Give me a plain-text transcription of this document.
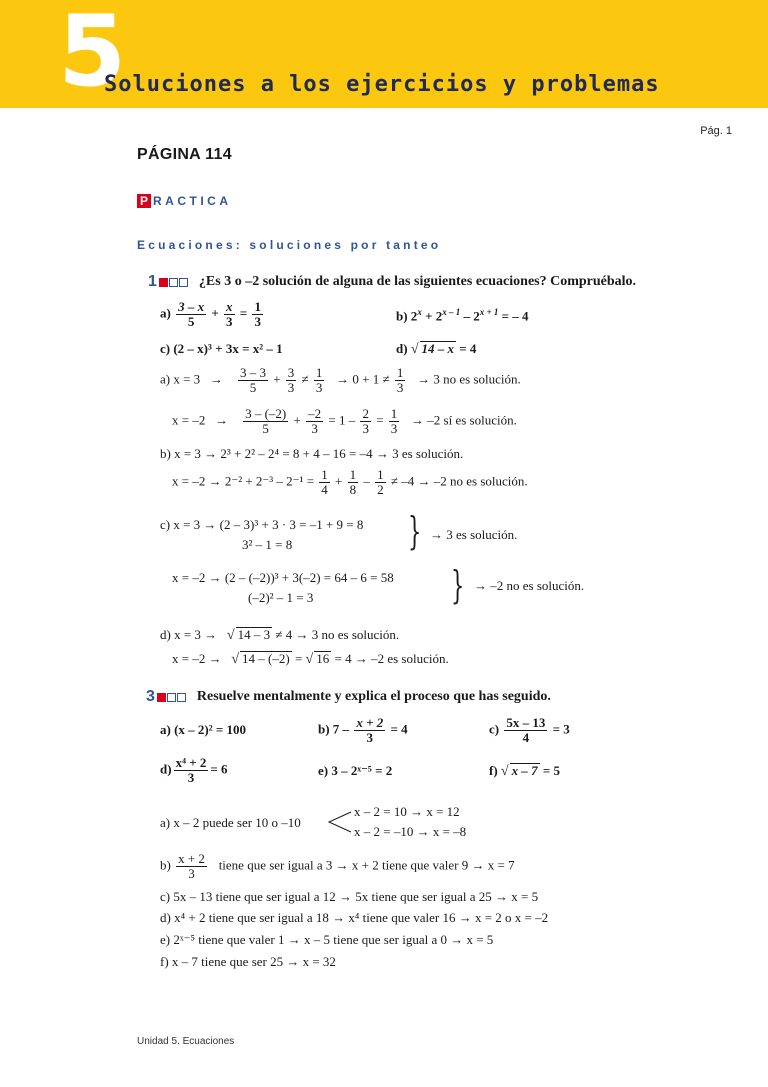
5
Soluciones a los ejercicios y problemas
Pág. 1
PÁGINA 114
P RACTICA
Ecuaciones: soluciones por tanteo
1	¿Es 3 o –2 solución de alguna de las siguientes ecuaciones? Compruébalo.
$a) \frac{3 - x}{5} + \frac{x}{3} = \frac{1}{3}$	b) $2^x + 2^{x - 1} - 2^{x + 1}$ = – 4
c) (2 – x)³ + 3x = x² – 1	d) √ 14 – x = 4
a) $x = 3 \to \frac{3 - 3}{5} + \frac{3}{3} \ne \frac{1}{3} \to 0 + 1 \ne \frac{1}{3} \to 3$ no es solución.
$x = -2 \to \frac{3 - (-2)}{5} + \frac{-2}{3} = 1 - \frac{2}{3} = \frac{1}{3} \to -2$ sí es solución.
b) x = 3 → 2³ + 2² – 2⁴ = 8 + 4 – 16 = –4 → 3 es solución.
$x = -2 \to 2^{-2} + 2^{-3} - 2^{-1} = \frac{1}{4} + \frac{1}{8} - \frac{1}{2} \ne -4 \to -2$ no es solución.
c) x = 3 → (2 – 3)³ + 3 · 3 = –1 + 9 = 8
3² – 1 = 8	} → 3 es solución.
x = –2 → (2 – (–2))³ + 3(–2) = 64 – 6 = 58
(–2)² – 1 = 3	} → –2 no es solución.
d) x = 3 → √ 14 – 3 ≠ 4 → 3 no es solución.
x = –2 → √ 14 – (–2) = √ 16 = 4 → –2 es solución.
3	Resuelve mentalmente y explica el proceso que has seguido.
a) (x – 2)² = 100	b) $7 - \frac{x + 2}{3} = 4$	$c) \frac{5x - 13}{4} = 3$
$d) \frac{\text{x⁴ + 2}}{3} = 6$	e) 3 – 2ˣ⁻⁵ = 2	f) √ x – 7 = 5
a) x – 2 puede ser 10 o –10
x – 2 = 10 → x = 12
x – 2 = –10 → x = –8
$b) \frac{x + 2}{3}$ tiene que ser igual a 3 → x + 2 tiene que valer 9 → x = 7
c) 5x – 13 tiene que ser igual a 12 → 5x tiene que ser igual a 25 → x = 5
d) x⁴ + 2 tiene que ser igual a 18 → x⁴ tiene que valer 16 → x = 2 o x = –2
e) 2ˣ⁻⁵ tiene que valer 1 → x – 5 tiene que ser igual a 0 → x = 5
f) x – 7 tiene que ser 25 → x = 32
Unidad 5. Ecuaciones
